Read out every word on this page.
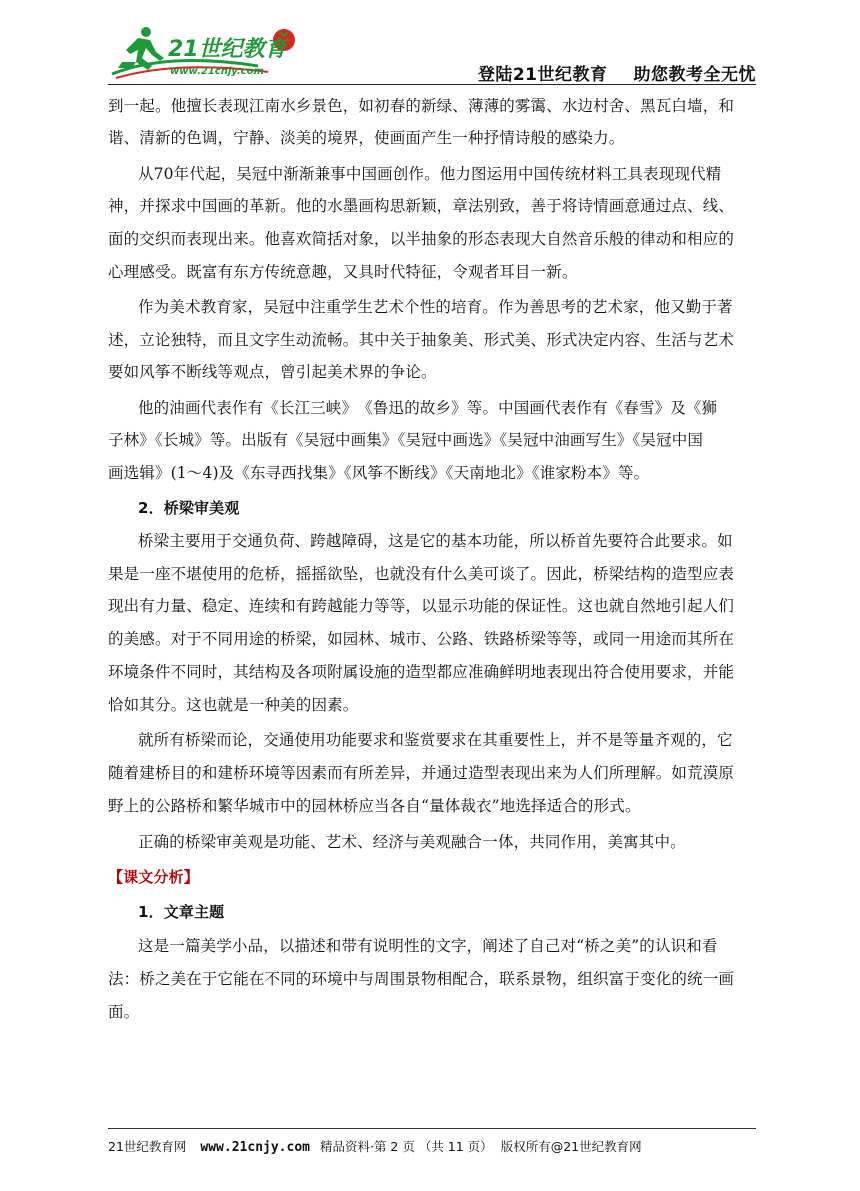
21世纪教育
www.21cnjy.com	登陆21世纪教育 助您教考全无忧
到一起。他擅长表现江南水乡景色，如初春的新绿、薄薄的雾霭、水边村舍、黑瓦白墙，和
谐、清新的色调，宁静、淡美的境界，使画面产生一种抒情诗般的感染力。
从70年代起，吴冠中渐渐兼事中国画创作。他力图运用中国传统材料工具表现现代精
神，并探求中国画的革新。他的水墨画构思新颖，章法别致，善于将诗情画意通过点、线、
面的交织而表现出来。他喜欢简括对象，以半抽象的形态表现大自然音乐般的律动和相应的
心理感受。既富有东方传统意趣，又具时代特征，令观者耳目一新。
作为美术教育家，吴冠中注重学生艺术个性的培育。作为善思考的艺术家，他又勤于著
述，立论独特，而且文字生动流畅。其中关于抽象美、形式美、形式决定内容、生活与艺术
要如风筝不断线等观点，曾引起美术界的争论。
他的油画代表作有《长江三峡》　《鲁迅的故乡》等。中国画代表作有《春雪》及《狮
子林》《长城》等。出版有《吴冠中画集》《吴冠中画选》《吴冠中油画写生》《吴冠中国
画选辑》(1～4)及《东寻西找集》《风筝不断线》《天南地北》《谁家粉本》等。
2．桥梁审美观
桥梁主要用于交通负荷、跨越障碍，这是它的基本功能，所以桥首先要符合此要求。如
果是一座不堪使用的危桥，摇摇欲坠，也就没有什么美可谈了。因此，桥梁结构的造型应表
现出有力量、稳定、连续和有跨越能力等等，以显示功能的保证性。这也就自然地引起人们
的美感。对于不同用途的桥梁，如园林、城市、公路、铁路桥梁等等，或同一用途而其所在
环境条件不同时，其结构及各项附属设施的造型都应准确鲜明地表现出符合使用要求，并能
恰如其分。这也就是一种美的因素。
就所有桥梁而论，交通使用功能要求和鉴赏要求在其重要性上，并不是等量齐观的，它
随着建桥目的和建桥环境等因素而有所差异，并通过造型表现出来为人们所理解。如荒漠原
野上的公路桥和繁华城市中的园林桥应当各自“量体裁衣”地选择适合的形式。
正确的桥梁审美观是功能、艺术、经济与美观融合一体，共同作用，美寓其中。
【课文分析】
1．文章主题
这是一篇美学小品，以描述和带有说明性的文字，阐述了自己对“桥之美”的认识和看
法：桥之美在于它能在不同的环境中与周围景物相配合，联系景物，组织富于变化的统一画
面。
21世纪教育网 www.21cnjy.com 精品资料·第 2 页 （共 11 页） 版权所有@21世纪教育网
